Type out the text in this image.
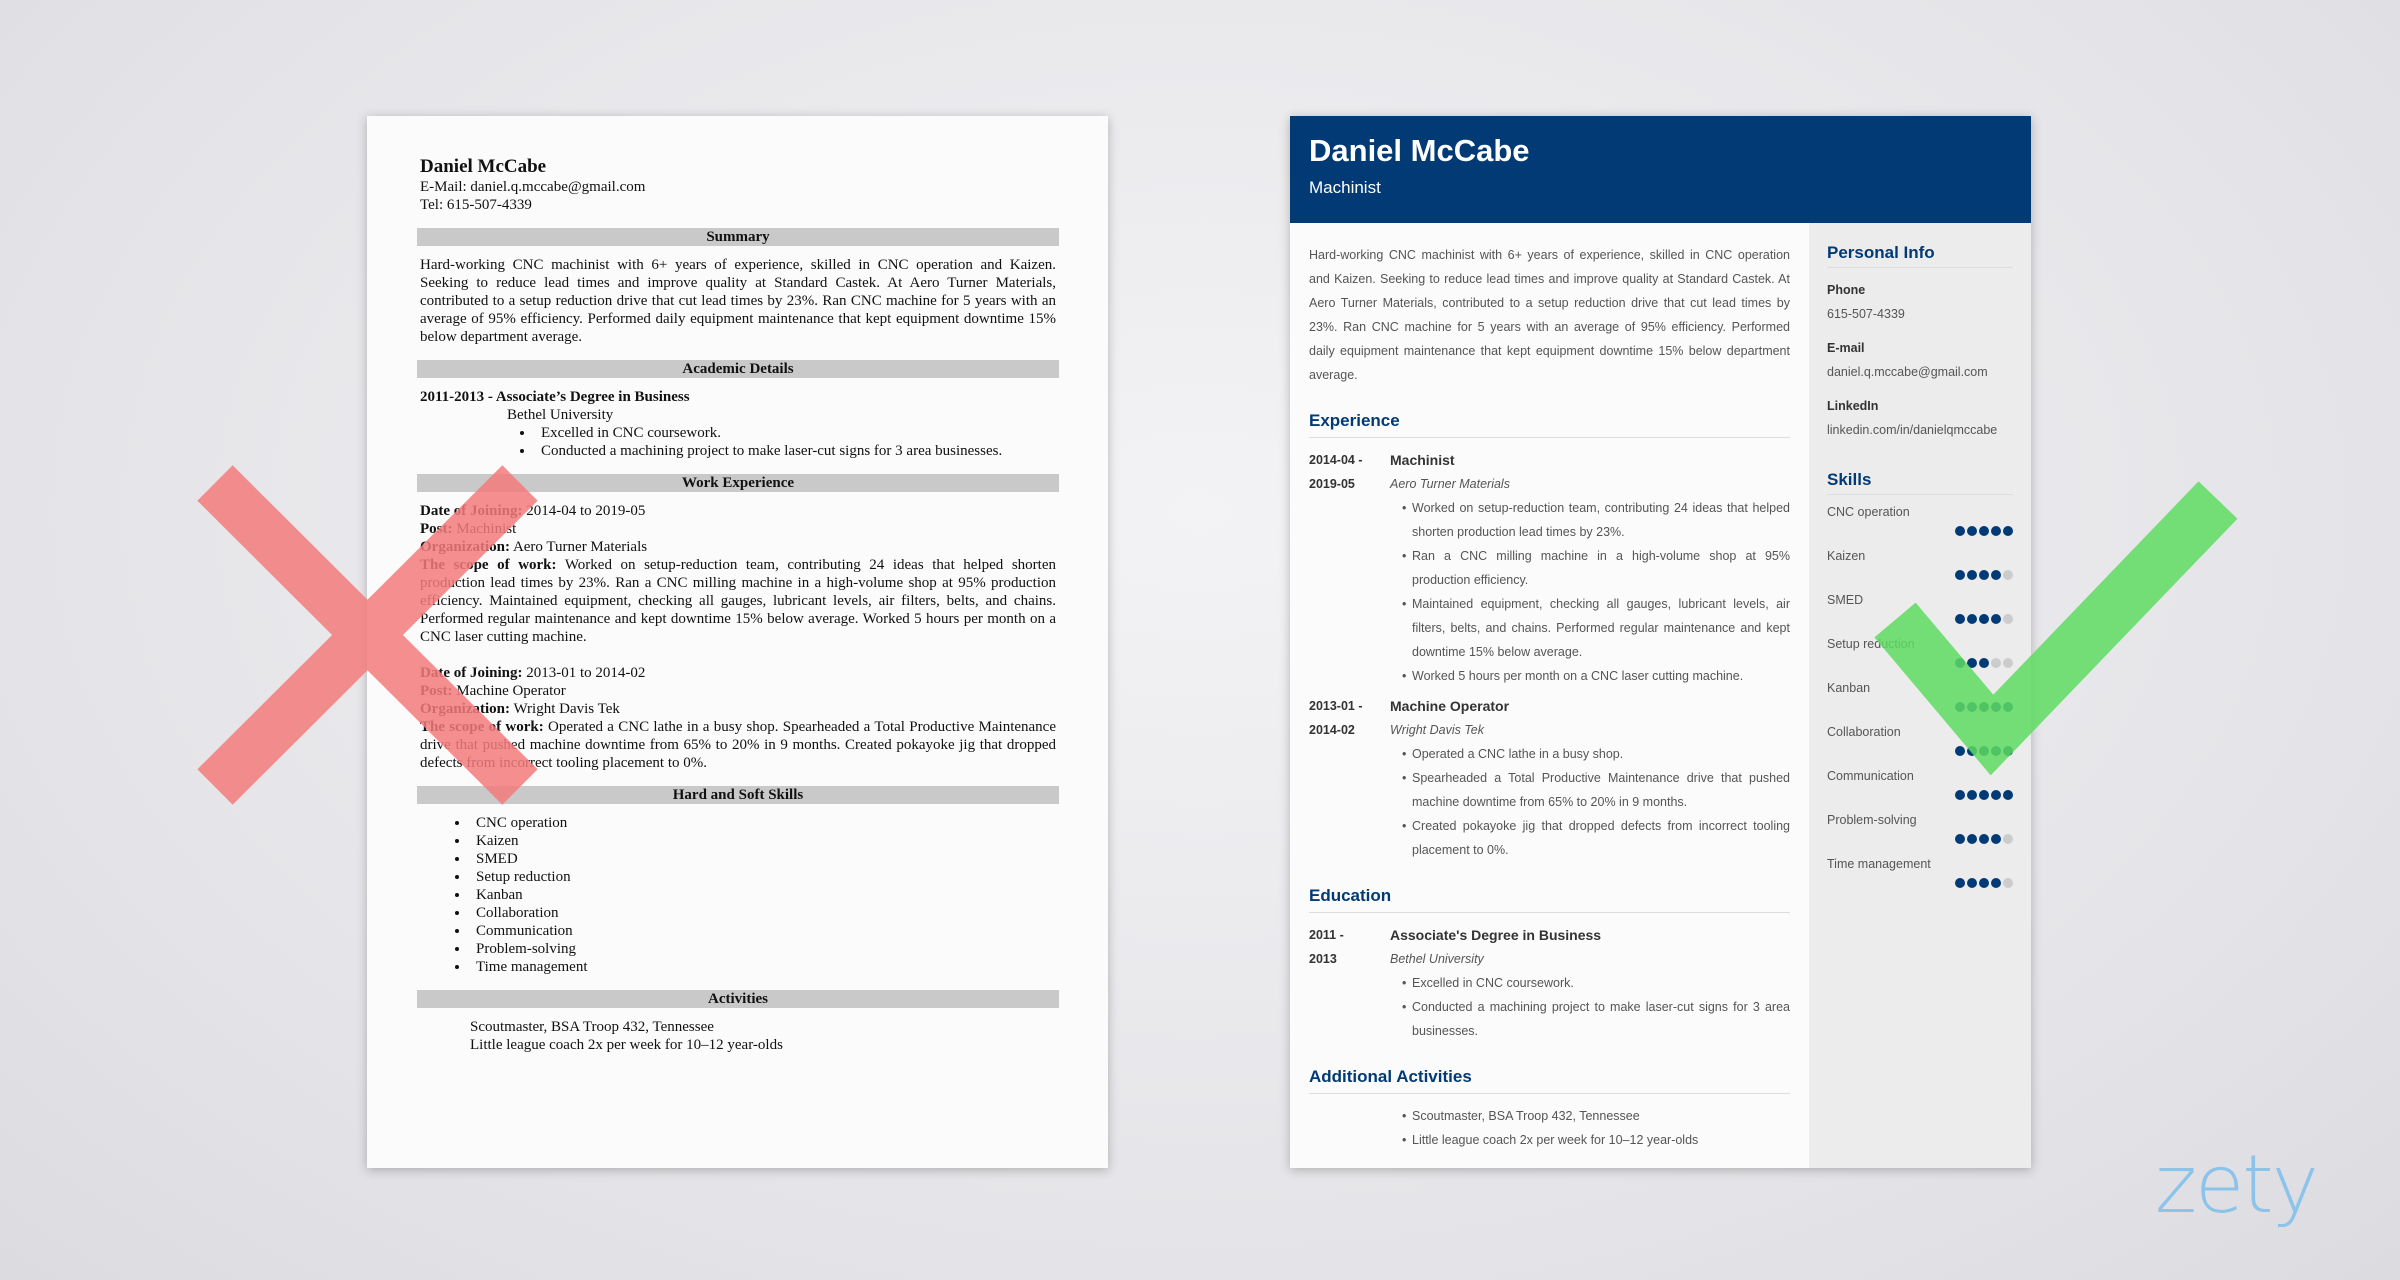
Daniel McCabe
E-Mail: daniel.q.mccabe@gmail.com
Tel: 615-507-4339
Summary
Hard-working CNC machinist with 6+ years of experience, skilled in CNC operation and Kaizen. Seeking to reduce lead times and improve quality at Standard Castek. At Aero Turner Materials, contributed to a setup reduction drive that cut lead times by 23%. Ran CNC machine for 5 years with an average of 95% efficiency. Performed daily equipment maintenance that kept equipment downtime 15% below department average.
Academic Details
2011-2013 - Associate’s Degree in Business
Bethel University
• Excelled in CNC coursework.
• Conducted a machining project to make laser-cut signs for 3 area businesses.
Work Experience
Date of Joining: 2014-04 to 2019-05
Post: Machinist
Organization: Aero Turner Materials
The scope of work: Worked on setup-reduction team, contributing 24 ideas that helped shorten production lead times by 23%. Ran a CNC milling machine in a high-volume shop at 95% production efficiency. Maintained equipment, checking all gauges, lubricant levels, air filters, belts, and chains. Performed regular maintenance and kept downtime 15% below average. Worked 5 hours per month on a CNC laser cutting machine.
Date of Joining: 2013-01 to 2014-02
Post: Machine Operator
Organization: Wright Davis Tek
The scope of work: Operated a CNC lathe in a busy shop. Spearheaded a Total Productive Maintenance drive that pushed machine downtime from 65% to 20% in 9 months. Created pokayoke jig that dropped defects from incorrect tooling placement to 0%.
Hard and Soft Skills
• CNC operation
• Kaizen
• SMED
• Setup reduction
• Kanban
• Collaboration
• Communication
• Problem-solving
• Time management
Activities
Scoutmaster, BSA Troop 432, Tennessee
Little league coach 2x per week for 10–12 year-olds
Daniel McCabe
Machinist
Hard-working CNC machinist with 6+ years of experience, skilled in CNC operation and Kaizen. Seeking to reduce lead times and improve quality at Standard Castek. At Aero Turner Materials, contributed to a setup reduction drive that cut lead times by 23%. Ran CNC machine for 5 years with an average of 95% efficiency. Performed daily equipment maintenance that kept equipment downtime 15% below department average.
Experience
2014-04 -
2019-05
Machinist
Aero Turner Materials
• Worked on setup-reduction team, contributing 24 ideas that helped shorten production lead times by 23%.
• Ran a CNC milling machine in a high-volume shop at 95% production efficiency.
• Maintained equipment, checking all gauges, lubricant levels, air filters, belts, and chains. Performed regular maintenance and kept downtime 15% below average.
• Worked 5 hours per month on a CNC laser cutting machine.
2013-01 -
2014-02
Machine Operator
Wright Davis Tek
• Operated a CNC lathe in a busy shop.
• Spearheaded a Total Productive Maintenance drive that pushed machine downtime from 65% to 20% in 9 months.
• Created pokayoke jig that dropped defects from incorrect tooling placement to 0%.
Education
2011 -
2013
Associate's Degree in Business
Bethel University
• Excelled in CNC coursework.
• Conducted a machining project to make laser-cut signs for 3 area businesses.
Additional Activities
• Scoutmaster, BSA Troop 432, Tennessee
• Little league coach 2x per week for 10–12 year-olds
Personal Info
Phone
615-507-4339
E-mail
daniel.q.mccabe@gmail.com
LinkedIn
linkedin.com/in/danielqmccabe
Skills
CNC operation
Kaizen
SMED
Setup reduction
Kanban
Collaboration
Communication
Problem-solving
Time management
zety
